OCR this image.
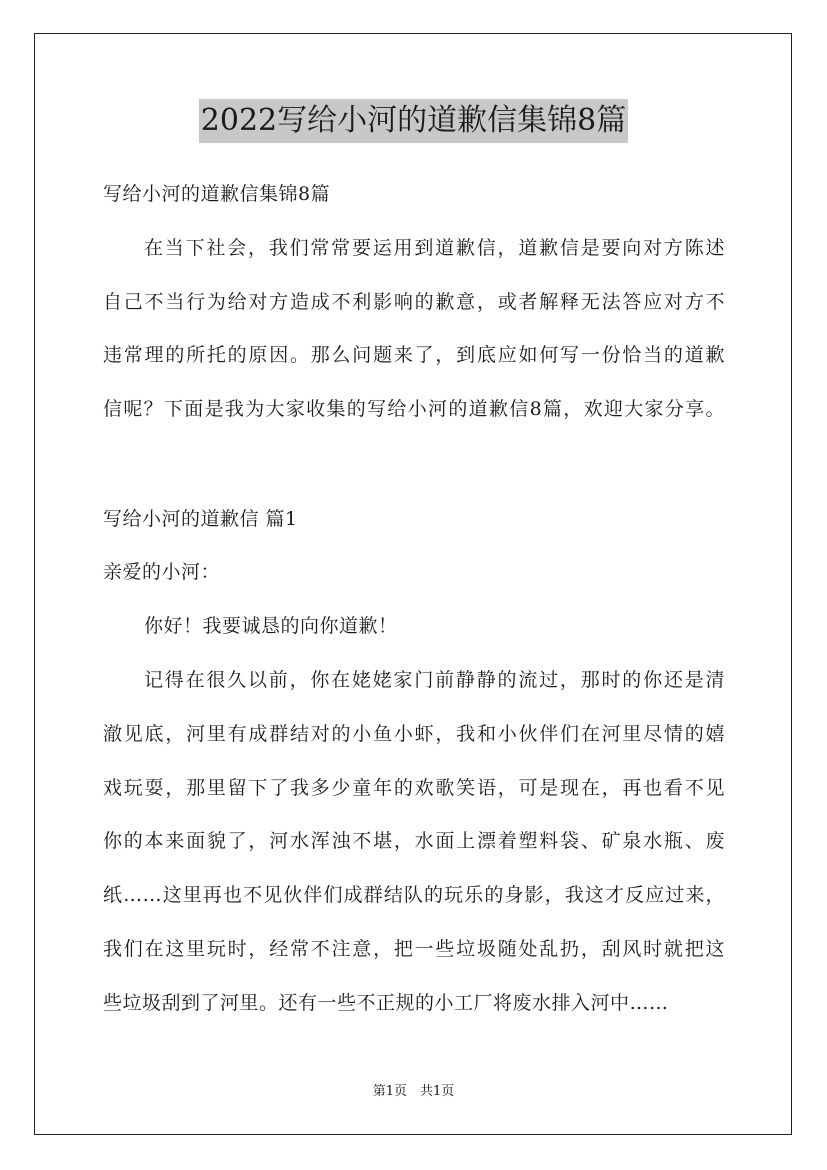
2022写给小河的道歉信集锦8篇
写给小河的道歉信集锦8篇
在当下社会，我们常常要运用到道歉信，道歉信是要向对方陈述
自己不当行为给对方造成不利影响的歉意，或者解释无法答应对方不
违常理的所托的原因。那么问题来了，到底应如何写一份恰当的道歉
信呢？下面是我为大家收集的写给小河的道歉信8篇，欢迎大家分享。
写给小河的道歉信 篇1
亲爱的小河：
你好！我要诚恳的向你道歉！
记得在很久以前，你在姥姥家门前静静的流过，那时的你还是清
澈见底，河里有成群结对的小鱼小虾，我和小伙伴们在河里尽情的嬉
戏玩耍，那里留下了我多少童年的欢歌笑语，可是现在，再也看不见
你的本来面貌了，河水浑浊不堪，水面上漂着塑料袋、矿泉水瓶、废
纸……这里再也不见伙伴们成群结队的玩乐的身影，我这才反应过来，
我们在这里玩时，经常不注意，把一些垃圾随处乱扔，刮风时就把这
些垃圾刮到了河里。还有一些不正规的小工厂将废水排入河中……
第1页　共1页
